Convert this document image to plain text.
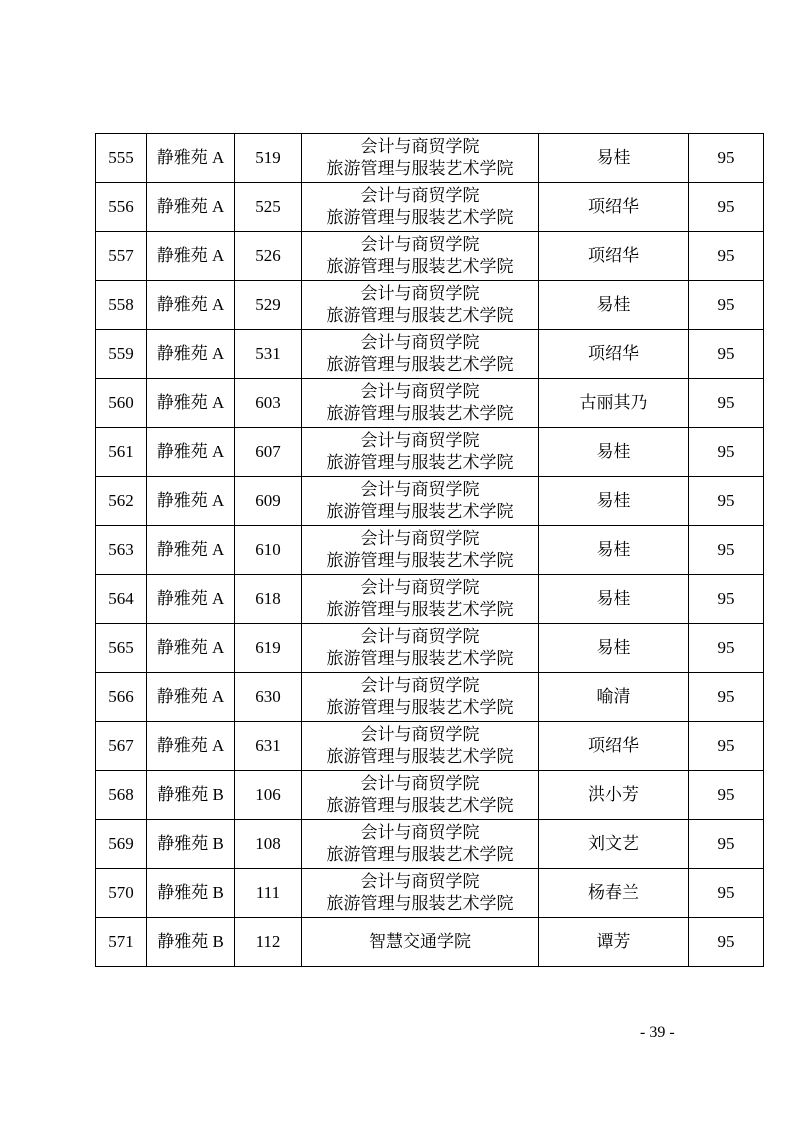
555	静雅苑 A	519	会计与商贸学院
旅游管理与服装艺术学院	易桂	95
556	静雅苑 A	525	会计与商贸学院
旅游管理与服装艺术学院	项绍华	95
557	静雅苑 A	526	会计与商贸学院
旅游管理与服装艺术学院	项绍华	95
558	静雅苑 A	529	会计与商贸学院
旅游管理与服装艺术学院	易桂	95
559	静雅苑 A	531	会计与商贸学院
旅游管理与服装艺术学院	项绍华	95
560	静雅苑 A	603	会计与商贸学院
旅游管理与服装艺术学院	古丽其乃	95
561	静雅苑 A	607	会计与商贸学院
旅游管理与服装艺术学院	易桂	95
562	静雅苑 A	609	会计与商贸学院
旅游管理与服装艺术学院	易桂	95
563	静雅苑 A	610	会计与商贸学院
旅游管理与服装艺术学院	易桂	95
564	静雅苑 A	618	会计与商贸学院
旅游管理与服装艺术学院	易桂	95
565	静雅苑 A	619	会计与商贸学院
旅游管理与服装艺术学院	易桂	95
566	静雅苑 A	630	会计与商贸学院
旅游管理与服装艺术学院	喻清	95
567	静雅苑 A	631	会计与商贸学院
旅游管理与服装艺术学院	项绍华	95
568	静雅苑 B	106	会计与商贸学院
旅游管理与服装艺术学院	洪小芳	95
569	静雅苑 B	108	会计与商贸学院
旅游管理与服装艺术学院	刘文艺	95
570	静雅苑 B	111	会计与商贸学院
旅游管理与服装艺术学院	杨春兰	95
571	静雅苑 B	112	智慧交通学院	谭芳	95
- 39 -
